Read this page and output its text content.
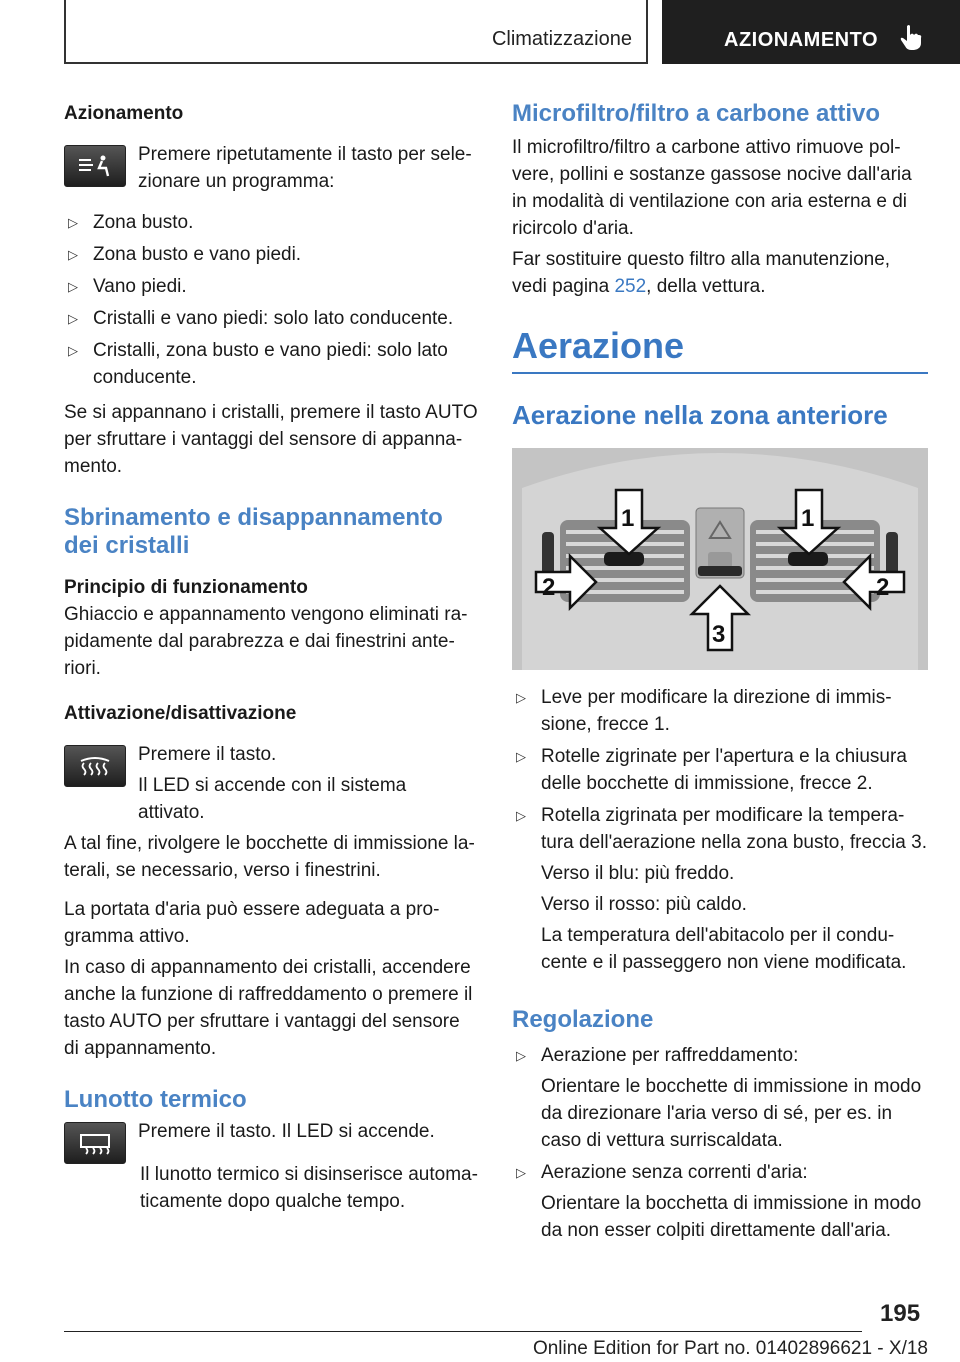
Climatizzazione	AZIONAMENTO
Azionamento

Premere ripetutamente il tasto per selezionare un programma:

▷ Zona busto.
▷ Zona busto e vano piedi.
▷ Vano piedi.
▷ Cristalli e vano piedi: solo lato conducente.
▷ Cristalli, zona busto e vano piedi: solo lato conducente.

Se si appannano i cristalli, premere il tasto AUTO per sfruttare i vantaggi del sensore di appannamento.

Sbrinamento e disappannamento dei cristalli
Principio di funzionamento

Ghiaccio e appannamento vengono eliminati rapidamente dal parabrezza e dai finestrini anteriori.

Attivazione/disattivazione

Premere il tasto.

Il LED si accende con il sistema attivato.

A tal fine, rivolgere le bocchette di immissione laterali, se necessario, verso i finestrini.

La portata d'aria può essere adeguata a programma attivo.

In caso di appannamento dei cristalli, accendere anche la funzione di raffreddamento o premere il tasto AUTO per sfruttare i vantaggi del sensore di appannamento.

Lunotto termico

Premere il tasto. Il LED si accende.

Il lunotto termico si disinserisce automaticamente dopo qualche tempo.

Microfiltro/filtro a carbone attivo

Il microfiltro/filtro a carbone attivo rimuove polvere, pollini e sostanze gassose nocive dall'aria in modalità di ventilazione con aria esterna e di ricircolo d'aria.

Far sostituire questo filtro alla manutenzione, vedi pagina 252, della vettura.

Aerazione
Aerazione nella zona anteriore
1	1
2	2
3
▷ Leve per modificare la direzione di immissione, frecce 1.
▷ Rotelle zigrinate per l'apertura e la chiusura delle bocchette di immissione, frecce 2.
▷ Rotella zigrinata per modificare la temperatura dell'aerazione nella zona busto, freccia 3.
Verso il blu: più freddo.
Verso il rosso: più caldo.
La temperatura dell'abitacolo per il conducente e il passeggero non viene modificata.
Regolazione
▷ Aerazione per raffreddamento:
Orientare le bocchette di immissione in modo da direzionare l'aria verso di sé, per es. in caso di vettura surriscaldata.
▷ Aerazione senza correnti d'aria:
Orientare la bocchetta di immissione in modo da non esser colpiti direttamente dall'aria.
195
Online Edition for Part no. 01402896621 - X/18
